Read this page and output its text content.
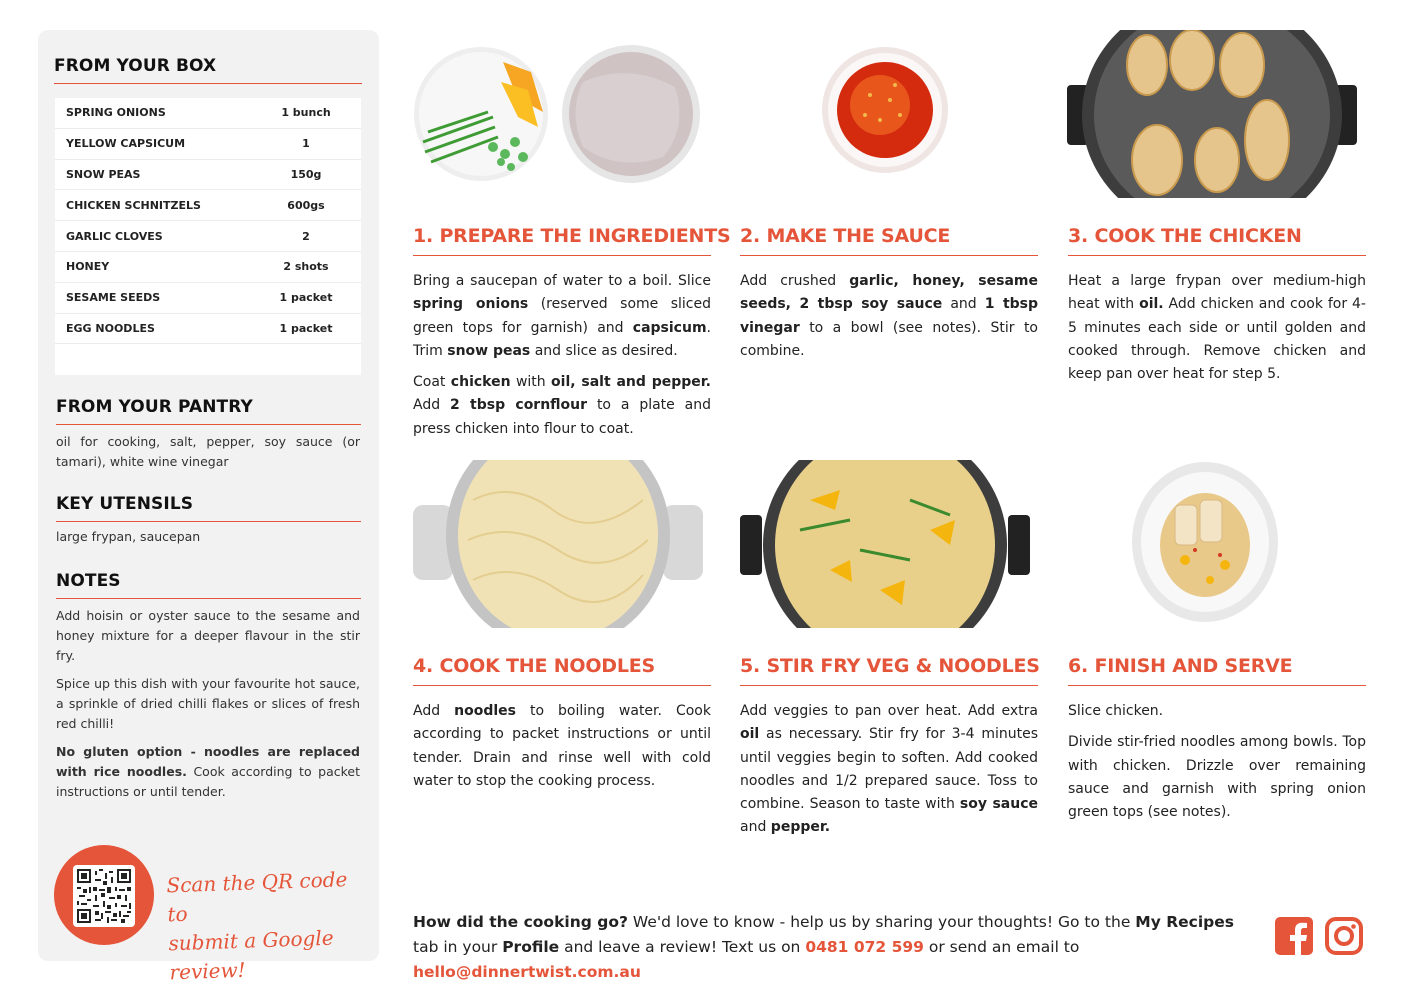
FROM YOUR BOX
SPRING ONIONS	1 bunch
YELLOW CAPSICUM	1
SNOW PEAS	150g
CHICKEN SCHNITZELS	600gs
GARLIC CLOVES	2
HONEY	2 shots
SESAME SEEDS	1 packet
EGG NOODLES	1 packet
FROM YOUR PANTRY
oil for cooking, salt, pepper, soy sauce (or tamari), white wine vinegar
KEY UTENSILS
large frypan, saucepan
NOTES

Add hoisin or oyster sauce to the sesame and honey mixture for a deeper flavour in the stir fry.

Spice up this dish with your favourite hot sauce, a sprinkle of dried chilli flakes or slices of fresh red chilli!

No gluten option - noodles are replaced with rice noodles. Cook according to packet instructions or until tender.

Scan the QR code to
submit a Google review!
1. PREPARE THE INGREDIENTS

Bring a saucepan of water to a boil. Slice spring onions (reserved some sliced green tops for garnish) and capsicum. Trim snow peas and slice as desired.

Coat chicken with oil, salt and pepper. Add 2 tbsp cornflour to a plate and press chicken into flour to coat.

2. MAKE THE SAUCE

Add crushed garlic, honey, sesame seeds, 2 tbsp soy sauce and 1 tbsp vinegar to a bowl (see notes). Stir to combine.

3. COOK THE CHICKEN

Heat a large frypan over medium-high heat with oil. Add chicken and cook for 4-5 minutes each side or until golden and cooked through. Remove chicken and keep pan over heat for step 5.

4. COOK THE NOODLES

Add noodles to boiling water. Cook according to packet instructions or until tender. Drain and rinse well with cold water to stop the cooking process.

5. STIR FRY VEG & NOODLES

Add veggies to pan over heat. Add extra oil as necessary. Stir fry for 3-4 minutes until veggies begin to soften. Add cooked noodles and 1/2 prepared sauce. Toss to combine. Season to taste with soy sauce and pepper.

6. FINISH AND SERVE

Slice chicken.

Divide stir-fried noodles among bowls. Top with chicken. Drizzle over remaining sauce and garnish with spring onion green tops (see notes).

How did the cooking go? We'd love to know - help us by sharing your thoughts! Go to the My Recipes tab in your Profile and leave a review! Text us on 0481 072 599 or send an email to hello@dinnertwist.com.au
